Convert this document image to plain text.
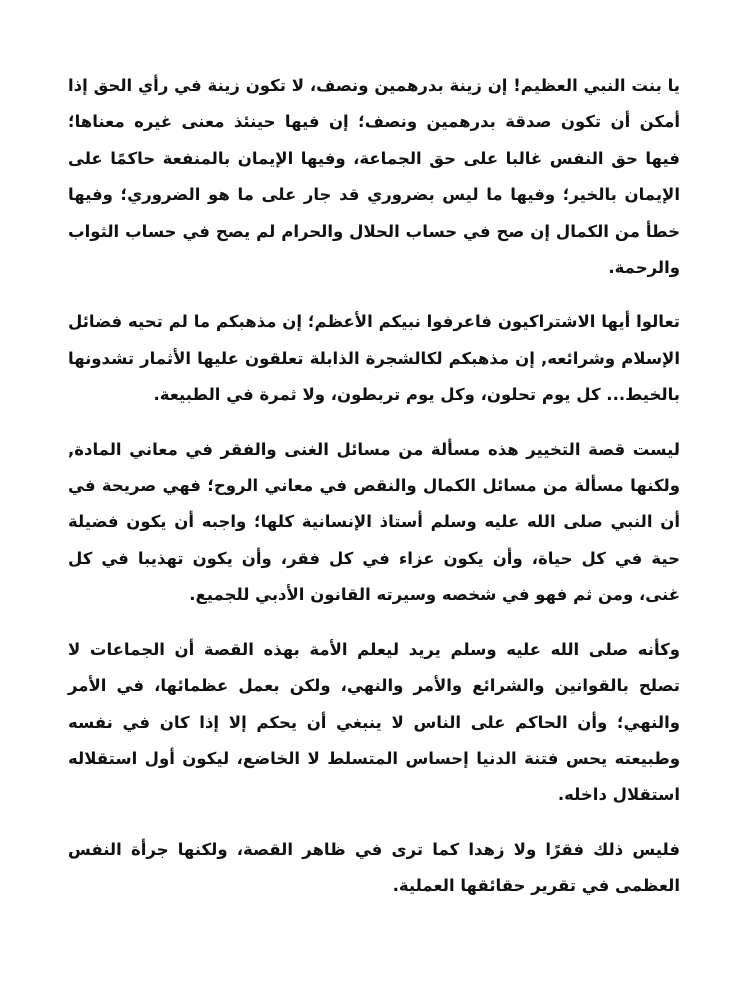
يا بنت النبي العظيم! إن زينة بدرهمين ونصف، لا تكون زينة في رأي الحق إذا أمكن أن تكون صدقة بدرهمين ونصف؛ إن فيها حينئذ معنى غيره معناها؛ فيها حق النفس غالبا على حق الجماعة، وفيها الإيمان بالمنفعة حاكمًا على الإيمان بالخير؛ وفيها ما ليس بضروري قد جار على ما هو الضروري؛ وفيها خطأ من الكمال إن صح في حساب الحلال والحرام لم يصح في حساب الثواب والرحمة.

تعالوا أيها الاشتراكيون فاعرفوا نبيكم الأعظم؛ إن مذهبكم ما لم تحيه فضائل الإسلام وشرائعه, إن مذهبكم لكالشجرة الذابلة تعلقون عليها الأثمار تشدونها بالخيط... كل يوم تحلون، وكل يوم تربطون، ولا ثمرة في الطبيعة.

ليست قصة التخيير هذه مسألة من مسائل الغنى والفقر في معاني المادة, ولكنها مسألة من مسائل الكمال والنقص في معاني الروح؛ فهي صريحة في أن النبي صلى الله عليه وسلم أستاذ الإنسانية كلها؛ واجبه أن يكون فضيلة حية في كل حياة، وأن يكون عزاء في كل فقر، وأن يكون تهذيبا في كل غنى، ومن ثم فهو في شخصه وسيرته القانون الأدبي للجميع.

وكأنه صلى الله عليه وسلم يريد ليعلم الأمة بهذه القصة أن الجماعات لا تصلح بالقوانين والشرائع والأمر والنهي، ولكن بعمل عظمائها، في الأمر والنهي؛ وأن الحاكم على الناس لا ينبغي أن يحكم إلا إذا كان في نفسه وطبيعته يحس فتنة الدنيا إحساس المتسلط لا الخاضع، ليكون أول استقلاله استقلال داخله.

فليس ذلك فقرًا ولا زهدا كما ترى في ظاهر القصة، ولكنها جرأة النفس العظمى في تقرير حقائقها العملية.
